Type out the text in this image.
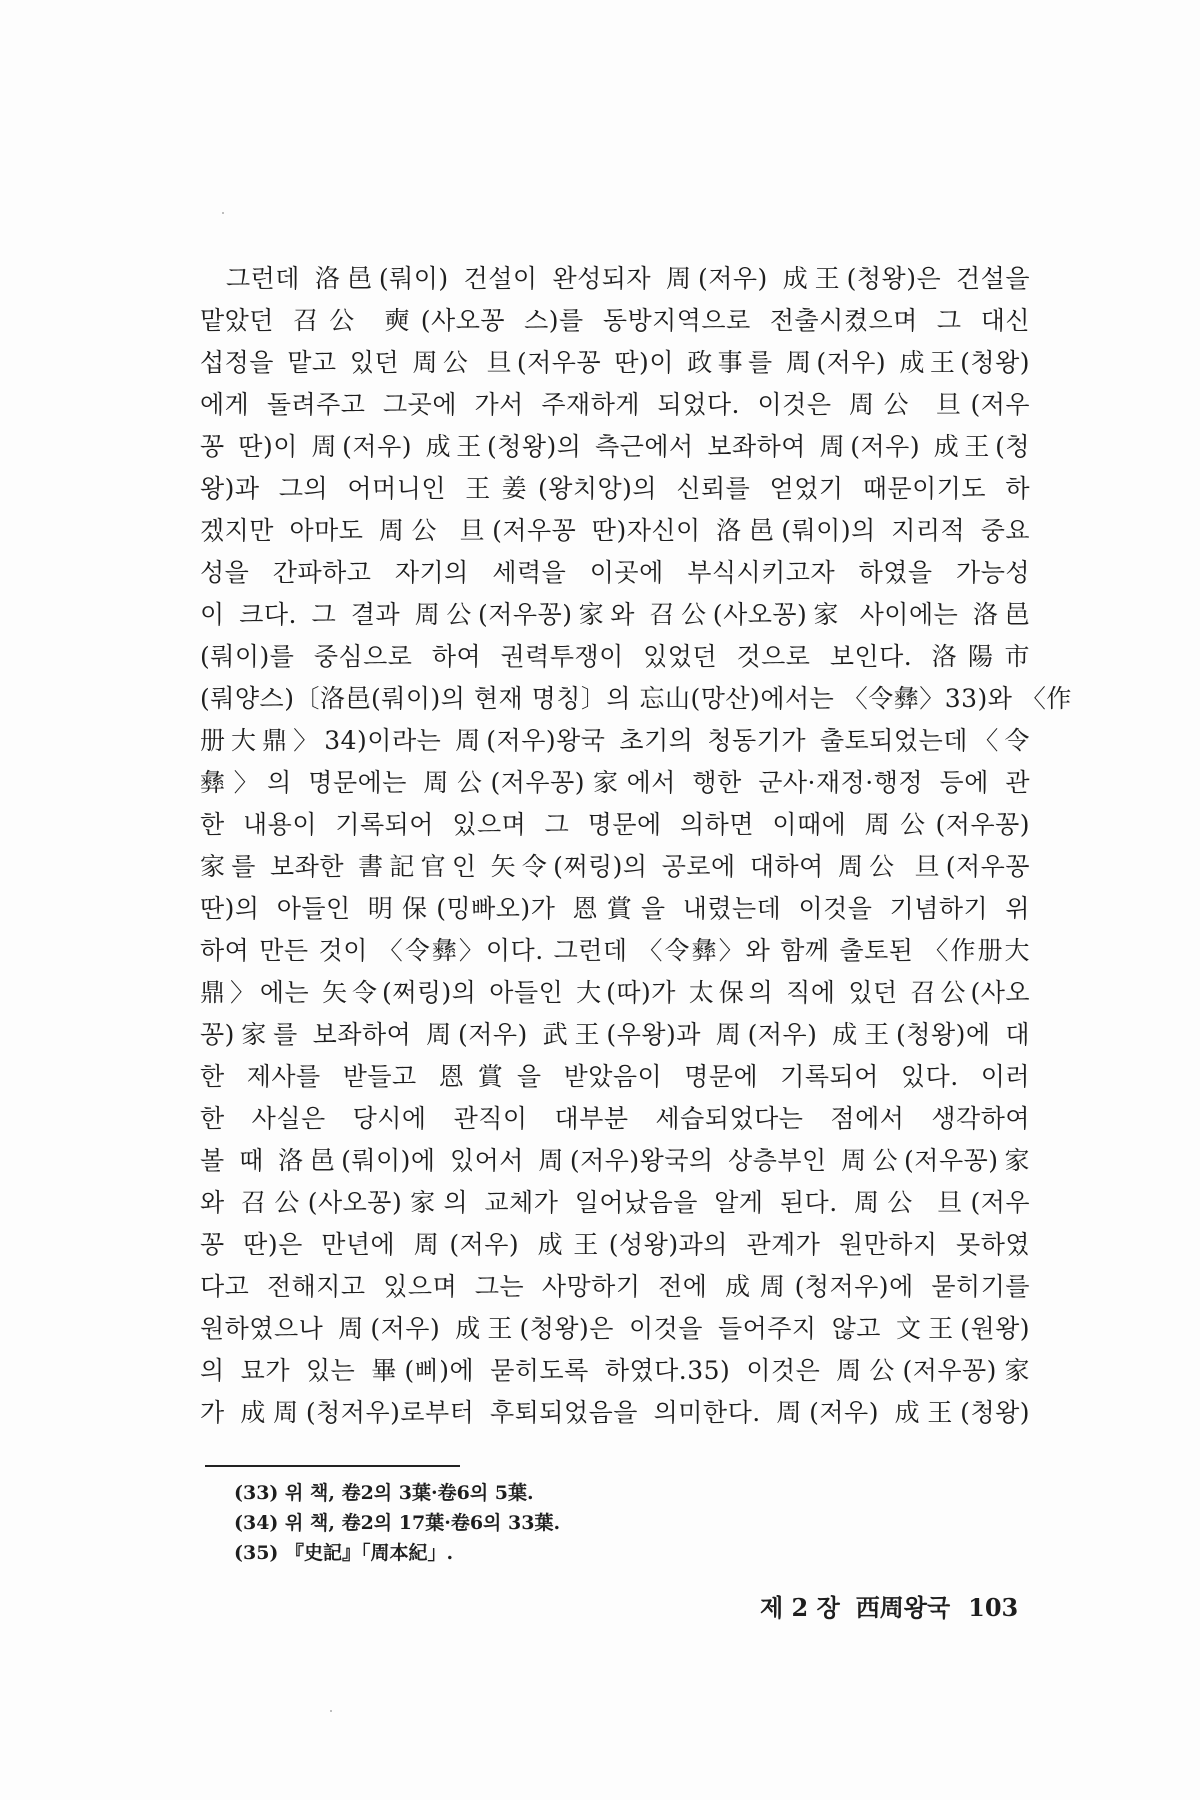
그런데 洛邑(뤄이) 건설이 완성되자 周(저우) 成王(청왕)은 건설을
맡았던 召公 奭(사오꽁 스)를 동방지역으로 전출시켰으며 그 대신
섭정을 맡고 있던 周公 旦(저우꽁 딴)이 政事를 周(저우) 成王(청왕)
에게 돌려주고 그곳에 가서 주재하게 되었다. 이것은 周公 旦(저우
꽁 딴)이 周(저우) 成王(청왕)의 측근에서 보좌하여 周(저우) 成王(청
왕)과 그의 어머니인 王姜(왕치앙)의 신뢰를 얻었기 때문이기도 하
겠지만 아마도 周公 旦(저우꽁 딴)자신이 洛邑(뤄이)의 지리적 중요
성을 간파하고 자기의 세력을 이곳에 부식시키고자 하였을 가능성
이 크다. 그 결과 周公(저우꽁)家와 召公(사오꽁)家 사이에는 洛邑
(뤄이)를 중심으로 하여 권력투쟁이 있었던 것으로 보인다. 洛陽市
(뤄양스)〔洛邑(뤄이)의 현재 명칭〕의 忘山(망산)에서는 〈令彝〉33)와 〈作
册大鼎〉34)이라는 周(저우)왕국 초기의 청동기가 출토되었는데〈令
彝〉의 명문에는 周公(저우꽁)家에서 행한 군사·재정·행정 등에 관
한 내용이 기록되어 있으며 그 명문에 의하면 이때에 周公(저우꽁)
家를 보좌한 書記官인 矢令(쩌링)의 공로에 대하여 周公 旦(저우꽁
딴)의 아들인 明保(밍빠오)가 恩賞을 내렸는데 이것을 기념하기 위
하여 만든 것이 〈令彝〉이다. 그런데 〈令彝〉와 함께 출토된 〈作册大
鼎〉에는 矢令(쩌링)의 아들인 大(따)가 太保의 직에 있던 召公(사오
꽁)家를 보좌하여 周(저우) 武王(우왕)과 周(저우) 成王(청왕)에 대
한 제사를 받들고 恩賞을 받았음이 명문에 기록되어 있다. 이러
한 사실은 당시에 관직이 대부분 세습되었다는 점에서 생각하여
볼 때 洛邑(뤄이)에 있어서 周(저우)왕국의 상층부인 周公(저우꽁)家
와 召公(사오꽁)家의 교체가 일어났음을 알게 된다. 周公 旦(저우
꽁 딴)은 만년에 周(저우) 成王(성왕)과의 관계가 원만하지 못하였
다고 전해지고 있으며 그는 사망하기 전에 成周(청저우)에 묻히기를
원하였으나 周(저우) 成王(청왕)은 이것을 들어주지 않고 文王(원왕)
의 묘가 있는 畢(삐)에 묻히도록 하였다.35) 이것은 周公(저우꽁)家
가 成周(청저우)로부터 후퇴되었음을 의미한다. 周(저우) 成王(청왕)
(33) 위 책, 卷2의 3葉·卷6의 5葉.
(34) 위 책, 卷2의 17葉·卷6의 33葉.
(35) 『史記』「周本紀」.
제 2 장 西周왕국 103
